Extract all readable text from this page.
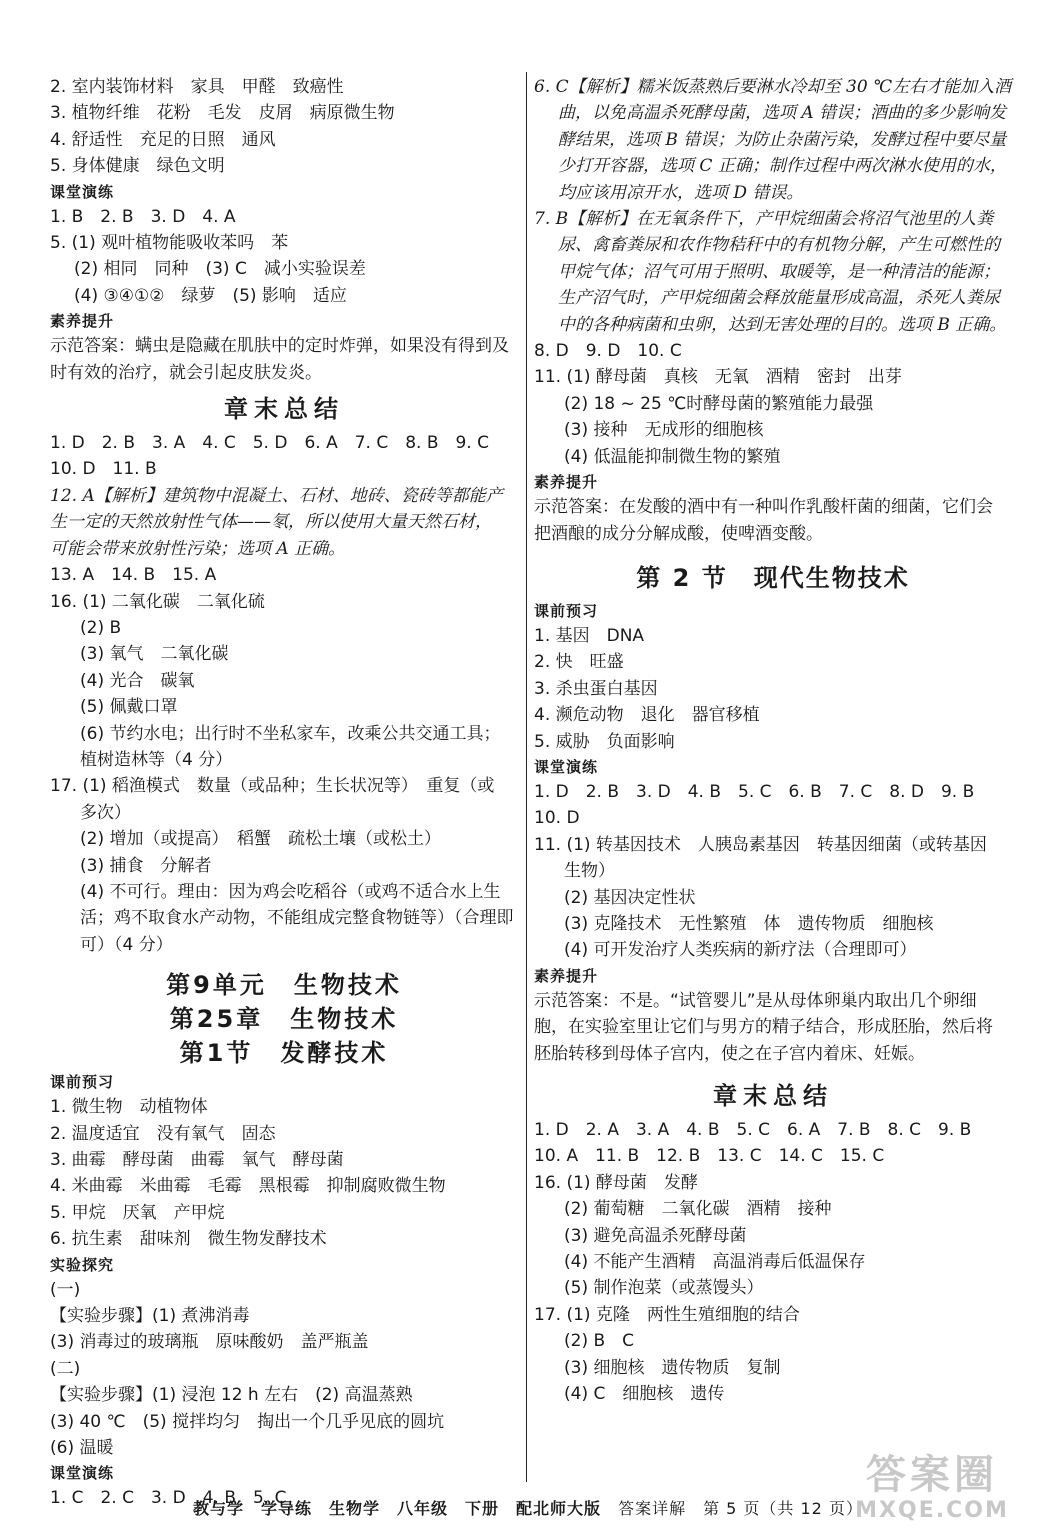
2. 室内装饰材料　家具　甲醛　致癌性
3. 植物纤维　花粉　毛发　皮屑　病原微生物
4. 舒适性　充足的日照　通风
5. 身体健康　绿色文明
课堂演练
1. B　2. B　3. D　4. A
5. (1) 观叶植物能吸收苯吗　苯
(2) 相同　同种　(3) C　减小实验误差
(4) ③④①②　绿萝　(5) 影响　适应
素养提升
示范答案：螨虫是隐藏在肌肤中的定时炸弹，如果没有得到及
时有效的治疗，就会引起皮肤发炎。
章末总结
1. D　2. B　3. A　4. C　5. D　6. A　7. C　8. B　9. C
10. D　11. B
12. A【解析】建筑物中混凝土、石材、地砖、瓷砖等都能产
生一定的天然放射性气体——氡，所以使用大量天然石材，
可能会带来放射性污染；选项 A 正确。
13. A　14. B　15. A
16. (1) 二氧化碳　二氧化硫
(2) B
(3) 氧气　二氧化碳
(4) 光合　碳氧
(5) 佩戴口罩
(6) 节约水电；出行时不坐私家车，改乘公共交通工具；
植树造林等（4 分）
17. (1) 稻渔模式　数量（或品种；生长状况等）　重复（或
多次）
(2) 增加（或提高）　稻蟹　疏松土壤（或松土）
(3) 捕食　分解者
(4) 不可行。理由：因为鸡会吃稻谷（或鸡不适合水上生
活；鸡不取食水产动物，不能组成完整食物链等）（合理即
可）（4 分）
第9单元　生物技术
第25章　生物技术
第1节　发酵技术
课前预习
1. 微生物　动植物体
2. 温度适宜　没有氧气　固态
3. 曲霉　酵母菌　曲霉　氧气　酵母菌
4. 米曲霉　米曲霉　毛霉　黑根霉　抑制腐败微生物
5. 甲烷　厌氧　产甲烷
6. 抗生素　甜味剂　微生物发酵技术
实验探究
(一)
【实验步骤】(1) 煮沸消毒
(3) 消毒过的玻璃瓶　原味酸奶　盖严瓶盖
(二)
【实验步骤】(1) 浸泡 12 h 左右　(2) 高温蒸熟
(3) 40 ℃　(5) 搅拌均匀　掏出一个几乎见底的圆坑
(6) 温暖
课堂演练
1. C　2. C　3. D　4. B　5. C
6. C【解析】糯米饭蒸熟后要淋水冷却至 30 ℃左右才能加入酒
曲，以免高温杀死酵母菌，选项 A 错误；酒曲的多少影响发
酵结果，选项 B 错误；为防止杂菌污染，发酵过程中要尽量
少打开容器，选项 C 正确；制作过程中两次淋水使用的水，
均应该用凉开水，选项 D 错误。
7. B【解析】在无氧条件下，产甲烷细菌会将沼气池里的人粪
尿、禽畜粪尿和农作物秸秆中的有机物分解，产生可燃性的
甲烷气体；沼气可用于照明、取暖等，是一种清洁的能源；
生产沼气时，产甲烷细菌会释放能量形成高温，杀死人粪尿
中的各种病菌和虫卵，达到无害处理的目的。选项 B 正确。
8. D　9. D　10. C
11. (1) 酵母菌　真核　无氧　酒精　密封　出芽
(2) 18 ~ 25 ℃时酵母菌的繁殖能力最强
(3) 接种　无成形的细胞核
(4) 低温能抑制微生物的繁殖
素养提升
示范答案：在发酸的酒中有一种叫作乳酸杆菌的细菌，它们会
把酒酿的成分分解成酸，使啤酒变酸。
第 2 节　现代生物技术
课前预习
1. 基因　DNA
2. 快　旺盛
3. 杀虫蛋白基因
4. 濒危动物　退化　器官移植
5. 威胁　负面影响
课堂演练
1. D　2. B　3. D　4. B　5. C　6. B　7. C　8. D　9. B
10. D
11. (1) 转基因技术　人胰岛素基因　转基因细菌（或转基因
生物）
(2) 基因决定性状
(3) 克隆技术　无性繁殖　体　遗传物质　细胞核
(4) 可开发治疗人类疾病的新疗法（合理即可）
素养提升
示范答案：不是。“试管婴儿”是从母体卵巢内取出几个卵细
胞，在实验室里让它们与男方的精子结合，形成胚胎，然后将
胚胎转移到母体子宫内，使之在子宫内着床、妊娠。
章末总结
1. D　2. A　3. A　4. B　5. C　6. A　7. B　8. C　9. B
10. A　11. B　12. B　13. C　14. C　15. C
16. (1) 酵母菌　发酵
(2) 葡萄糖　二氧化碳　酒精　接种
(3) 避免高温杀死酵母菌
(4) 不能产生酒精　高温消毒后低温保存
(5) 制作泡菜（或蒸馒头）
17. (1) 克隆　两性生殖细胞的结合
(2) B　C
(3) 细胞核　遗传物质　复制
(4) C　细胞核　遗传
教与学　学导练　生物学　八年级　下册　配北师大版　答案详解　第 5 页（共 12 页）
答案圈
MXQE.COM
